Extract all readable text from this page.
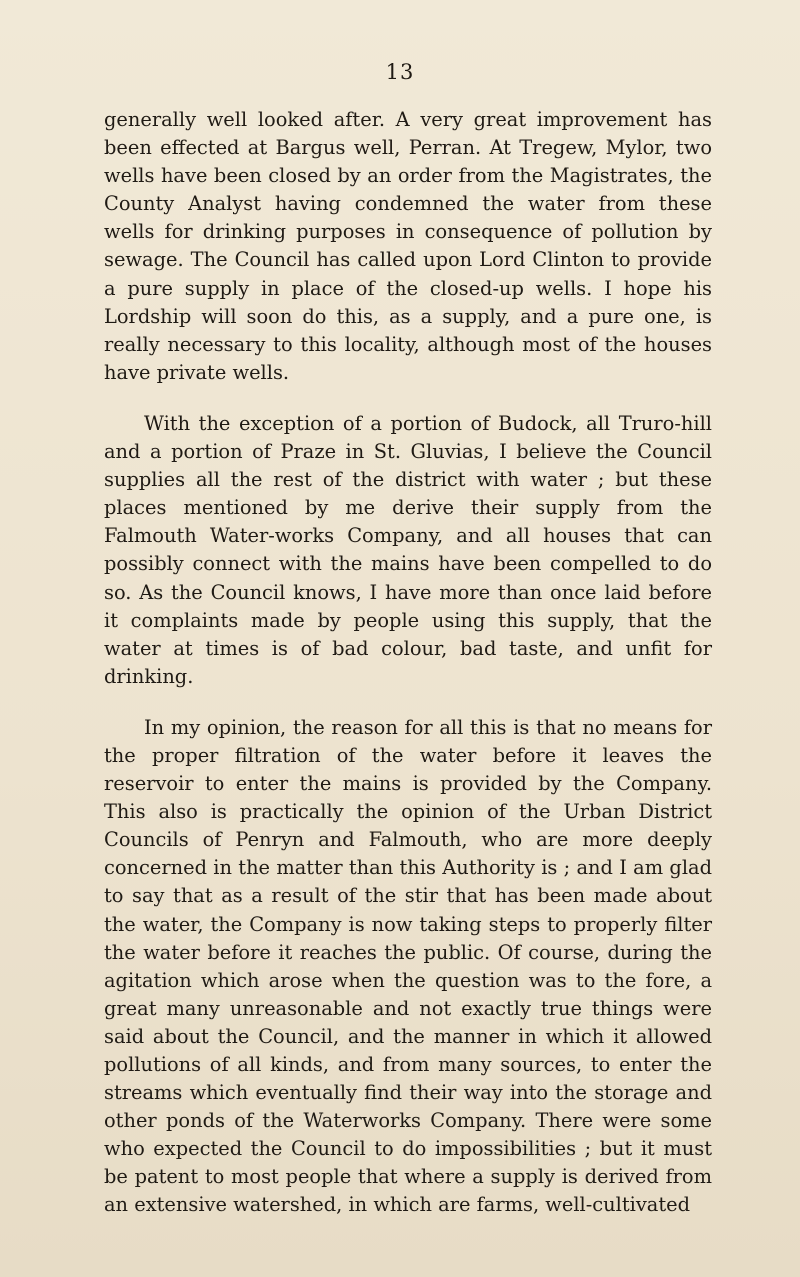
13

generally well looked after. A very great improvement has been effected at Bargus well, Perran. At Tregew, Mylor, two wells have been closed by an order from the Magistrates, the County Analyst having condemned the water from these wells for drinking purposes in consequence of pollution by sewage. The Council has called upon Lord Clinton to provide a pure supply in place of the closed-up wells. I hope his Lordship will soon do this, as a supply, and a pure one, is really necessary to this locality, although most of the houses have private wells.

With the exception of a portion of Budock, all Truro-hill and a portion of Praze in St. Gluvias, I believe the Council supplies all the rest of the district with water ; but these places mentioned by me derive their supply from the Falmouth Water-works Company, and all houses that can possibly connect with the mains have been compelled to do so. As the Council knows, I have more than once laid before it complaints made by people using this supply, that the water at times is of bad colour, bad taste, and unfit for drinking.

In my opinion, the reason for all this is that no means for the proper filtration of the water before it leaves the reservoir to enter the mains is provided by the Company. This also is practically the opinion of the Urban District Councils of Penryn and Falmouth, who are more deeply concerned in the matter than this Authority is ; and I am glad to say that as a result of the stir that has been made about the water, the Company is now taking steps to properly filter the water before it reaches the public. Of course, during the agitation which arose when the question was to the fore, a great many unreasonable and not exactly true things were said about the Council, and the manner in which it allowed pollutions of all kinds, and from many sources, to enter the streams which eventually find their way into the storage and other ponds of the Waterworks Company. There were some who expected the Council to do impossibilities ; but it must be patent to most people that where a supply is derived from an extensive watershed, in which are farms, well-cultivated
